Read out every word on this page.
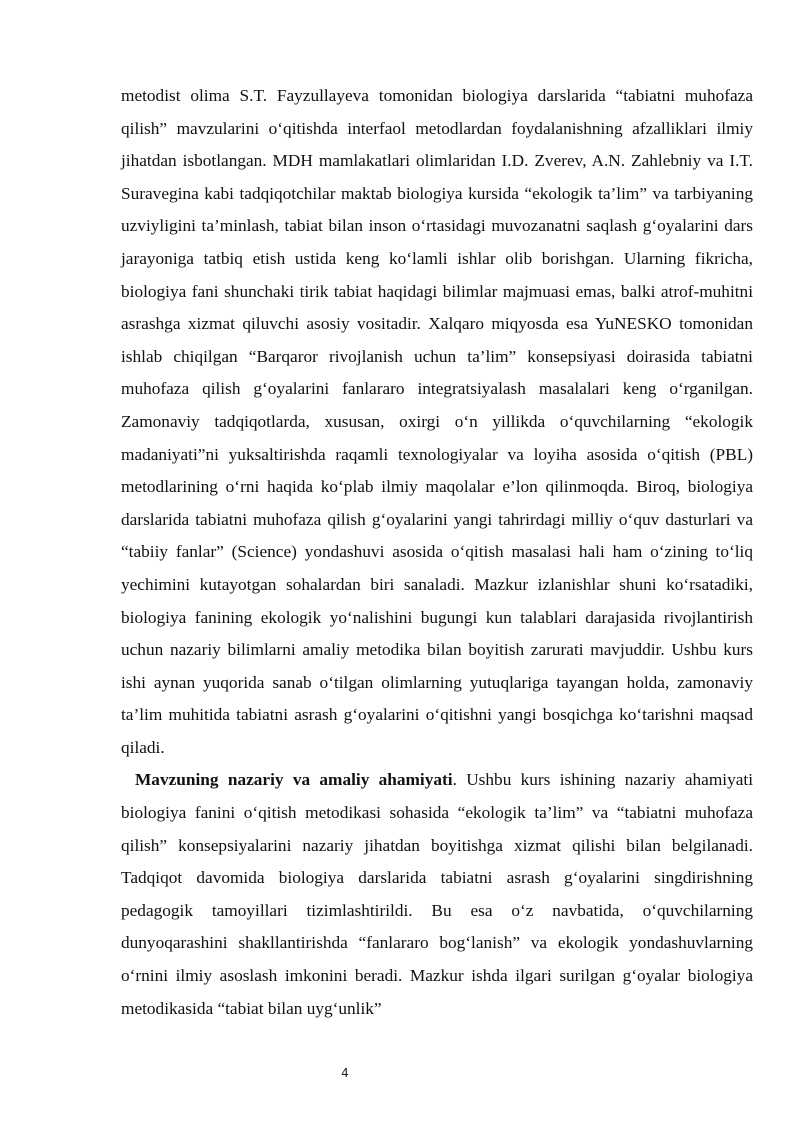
metodist olima S.T. Fayzullayeva tomonidan biologiya darslarida “tabiatni muhofaza qilish” mavzularini oʻqitishda interfaol metodlardan foydalanishning afzalliklari ilmiy jihatdan isbotlangan. MDH mamlakatlari olimlaridan I.D. Zverev, A.N. Zahlebniy va I.T. Suravegina kabi tadqiqotchilar maktab biologiya kursida “ekologik ta’lim” va tarbiyaning uzviyligini ta’minlash, tabiat bilan inson oʻrtasidagi muvozanatni saqlash gʻoyalarini dars jarayoniga tatbiq etish ustida keng koʻlamli ishlar olib borishgan. Ularning fikricha, biologiya fani shunchaki tirik tabiat haqidagi bilimlar majmuasi emas, balki atrof-muhitni asrashga xizmat qiluvchi asosiy vositadir. Xalqaro miqyosda esa YuNESKO tomonidan ishlab chiqilgan “Barqaror rivojlanish uchun ta’lim” konsepsiyasi doirasida tabiatni muhofaza qilish gʻoyalarini fanlararo integratsiyalash masalalari keng oʻrganilgan. Zamonaviy tadqiqotlarda, xususan, oxirgi oʻn yillikda oʻquvchilarning “ekologik madaniyati”ni yuksaltirishda raqamli texnologiyalar va loyiha asosida oʻqitish (PBL) metodlarining oʻrni haqida koʻplab ilmiy maqolalar e’lon qilinmoqda. Biroq, biologiya darslarida tabiatni muhofaza qilish gʻoyalarini yangi tahrirdagi milliy oʻquv dasturlari va “tabiiy fanlar” (Science) yondashuvi asosida oʻqitish masalasi hali ham oʻzining toʻliq yechimini kutayotgan sohalardan biri sanaladi. Mazkur izlanishlar shuni koʻrsatadiki, biologiya fanining ekologik yoʻnalishini bugungi kun talablari darajasida rivojlantirish uchun nazariy bilimlarni amaliy metodika bilan boyitish zarurati mavjuddir. Ushbu kurs ishi aynan yuqorida sanab oʻtilgan olimlarning yutuqlariga tayangan holda, zamonaviy ta’lim muhitida tabiatni asrash gʻoyalarini oʻqitishni yangi bosqichga koʻtarishni maqsad qiladi.

Mavzuning nazariy va amaliy ahamiyati. Ushbu kurs ishining nazariy ahamiyati biologiya fanini oʻqitish metodikasi sohasida “ekologik ta’lim” va “tabiatni muhofaza qilish” konsepsiyalarini nazariy jihatdan boyitishga xizmat qilishi bilan belgilanadi. Tadqiqot davomida biologiya darslarida tabiatni asrash gʻoyalarini singdirishning pedagogik tamoyillari tizimlashtirildi. Bu esa oʻz navbatida, oʻquvchilarning dunyoqarashini shakllantirishda “fanlararo bogʻlanish” va ekologik yondashuvlarning oʻrnini ilmiy asoslash imkonini beradi. Mazkur ishda ilgari surilgan gʻoyalar biologiya metodikasida “tabiat bilan uygʻunlik”

4
